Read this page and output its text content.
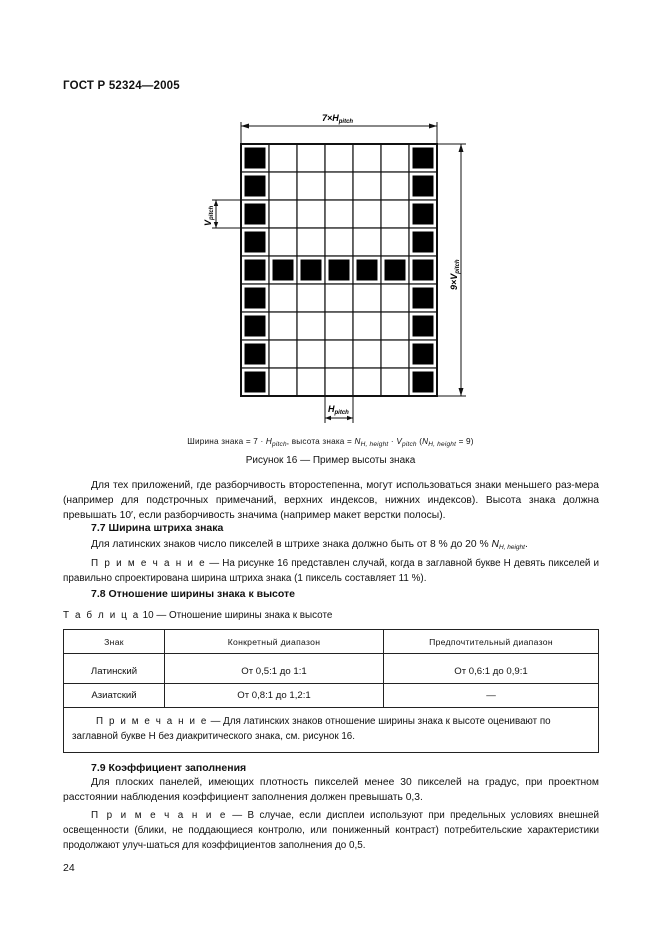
ГОСТ Р 52324—2005
$7\times H_{pitch}$
$9\times V_{pitch}$
$V_{pitch}$
$H_{pitch}$
Ширина знака = $7 \cdot H_{pitch}$, высота знака = $N_{H, height} \cdot V_{pitch}$ $(N_{H, height} = 9)$
Рисунок 16 — Пример высоты знака
Для тех приложений, где разборчивость второстепенна, могут использоваться знаки меньшего раз-мера (например для подстрочных примечаний, верхних индексов, нижних индексов). Высота знака должна превышать 10′, если разборчивость значима (например макет верстки полосы).
7.7 Ширина штриха знака
Для латинских знаков число пикселей в штрихе знака должно быть от 8 % до 20 % $N_{H, height}$.
П р и м е ч а н и е — На рисунке 16 представлен случай, когда в заглавной букве Н девять пикселей и правильно спроектирована ширина штриха знака (1 пиксель составляет 11 %).
7.8 Отношение ширины знака к высоте
Т а б л и ц а 10 — Отношение ширины знака к высоте
Знак	Конкретный диапазон	Предпочтительный диапазон
Латинский	От 0,5:1 до 1:1	От 0,6:1 до 0,9:1
Азиатский	От 0,8:1 до 1,2:1	—
П р и м е ч а н и е — Для латинских знаков отношение ширины знака к высоте оценивают по заглавной букве Н без диакритического знака, см. рисунок 16.		
7.9 Коэффициент заполнения
Для плоских панелей, имеющих плотность пикселей менее 30 пикселей на градус, при проектном расстоянии наблюдения коэффициент заполнения должен превышать 0,3.
П р и м е ч а н и е — В случае, если дисплеи используют при предельных условиях внешней освещенности (блики, не поддающиеся контролю, или пониженный контраст) потребительские характеристики продолжают улуч-шаться для коэффициентов заполнения до 0,5.
24
